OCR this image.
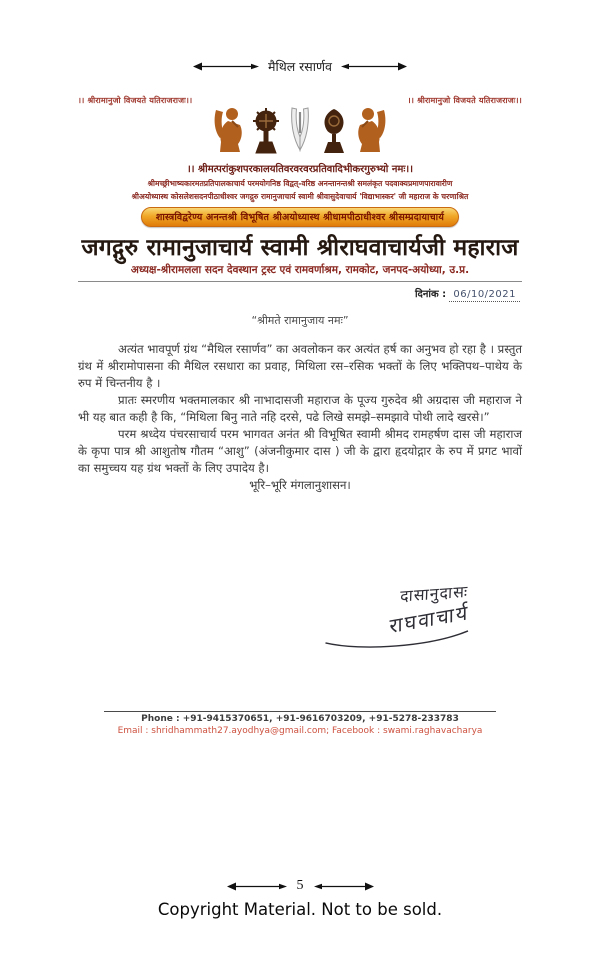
मैथिल रसार्णव
।। श्रीरामानुजो विजयते यतिराजराजः।।	।। श्रीरामानुजो विजयते यतिराजराजः।।
।। श्रीमत्परांकुशपरकालयतिवरवरवरप्रतिवादिभीकरगुरुभ्यो नमः।।
श्रीमच्छ्रीभाष्यकारमतप्रतिपालकाचार्य परमयोगनिष्ठ विद्वत्-वरिष्ठ अनन्तानन्तश्री समलंकृत पदवाक्यप्रमाणपारावारीण
श्रीअयोध्यास्थ कोसलेशसदनपीठाधीश्वर जगद्गुरु रामानुजाचार्य स्वामी श्रीवासुदेवाचार्य 'विद्याभास्कर' जी महाराज के चरणाश्रित
शास्त्रविद्वरेण्य अनन्तश्री विभूषित श्रीअयोध्यास्थ श्रीधामपीठाधीश्वर श्रीसम्प्रदायाचार्य
जगद्गुरु रामानुजाचार्य स्वामी श्रीराघवाचार्यजी महाराज
अध्यक्ष-श्रीरामलला सदन देवस्थान ट्रस्ट एवं रामवर्णाश्रम, रामकोट, जनपद-अयोध्या, उ.प्र.
दिनांक : 06/10/2021
“श्रीमते रामानुजाय नमः”

अत्यंत भावपूर्ण ग्रंथ “मैथिल रसार्णव” का अवलोकन कर अत्यंत हर्ष का अनुभव हो रहा है । प्रस्तुत ग्रंथ में श्रीरामोपासना की मैथिल रसधारा का प्रवाह, मिथिला रस–रसिक भक्तों के लिए भक्तिपथ–पाथेय के रुप में चिन्तनीय है ।

प्रातः स्मरणीय भक्तमालकार श्री नाभादासजी महाराज के पूज्य गुरुदेव श्री अग्रदास जी महाराज ने भी यह बात कही है कि, “मिथिला बिनु नाते नहि दरसे, पढे लिखे समझे–समझावे पोथी लादे खरसे।”

परम श्रध्देय पंचरसाचार्य परम भागवत अनंत श्री विभूषित स्वामी श्रीमद रामहर्षण दास जी महाराज के कृपा पात्र श्री आशुतोष गौतम “आशु” (अंजनीकुमार दास ) जी के द्वारा हृदयोद्गार के रुप में प्रगट भावों का समुच्चय यह ग्रंथ भक्तों के लिए उपादेय है।

भूरि–भूरि मंगलानुशासन।
दासानुदासः
राघवाचार्य
Phone : +91-9415370651, +91-9616703209, +91-5278-233783
Email : shridhammath27.ayodhya@gmail.com; Facebook : swami.raghavacharya
5
Copyright Material. Not to be sold.
